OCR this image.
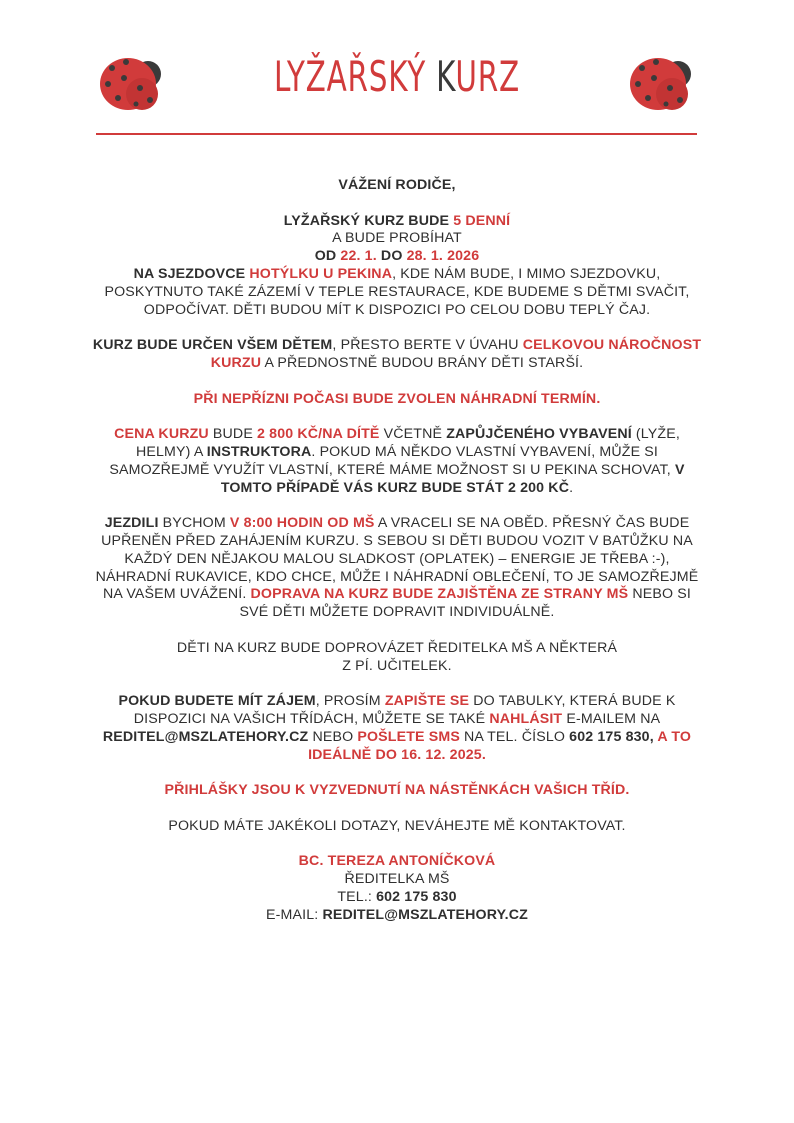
LYŽAŘSKÝ KURZ

VÁŽENÍ RODIČE,

LYŽAŘSKÝ KURZ BUDE 5 DENNÍ
A BUDE PROBÍHAT
OD 22. 1. DO 28. 1. 2026
NA SJEZDOVCE HOTÝLKU U PEKINA, KDE NÁM BUDE, I MIMO SJEZDOVKU, POSKYTNUTO TAKÉ ZÁZEMÍ V TEPLE RESTAURACE, KDE BUDEME S DĚTMI SVAČIT, ODPOČÍVAT. DĚTI BUDOU MÍT K DISPOZICI PO CELOU DOBU TEPLÝ ČAJ.

KURZ BUDE URČEN VŠEM DĚTEM, PŘESTO BERTE V ÚVAHU CELKOVOU NÁROČNOST KURZU A PŘEDNOSTNĚ BUDOU BRÁNY DĚTI STARŠÍ.

PŘI NEPŘÍZNI POČASI BUDE ZVOLEN NÁHRADNÍ TERMÍN.

CENA KURZU BUDE 2 800 KČ/NA DÍTĚ VČETNĚ ZAPŮJČENÉHO VYBAVENÍ (LYŽE, HELMY) A INSTRUKTORA. POKUD MÁ NĚKDO VLASTNÍ VYBAVENÍ, MŮŽE SI SAMOZŘEJMĚ VYUŽÍT VLASTNÍ, KTERÉ MÁME MOŽNOST SI U PEKINA SCHOVAT, V TOMTO PŘÍPADĚ VÁS KURZ BUDE STÁT 2 200 KČ.

JEZDILI BYCHOM V 8:00 HODIN OD MŠ A VRACELI SE NA OBĚD. PŘESNÝ ČAS BUDE UPŘENĚN PŘED ZAHÁJENÍM KURZU. S SEBOU SI DĚTI BUDOU VOZIT V BATŮŽKU NA KAŽDÝ DEN NĚJAKOU MALOU SLADKOST (OPLATEK) – ENERGIE JE TŘEBA :-), NÁHRADNÍ RUKAVICE, KDO CHCE, MŮŽE I NÁHRADNÍ OBLEČENÍ, TO JE SAMOZŘEJMĚ NA VAŠEM UVÁŽENÍ. DOPRAVA NA KURZ BUDE ZAJIŠTĚNA ZE STRANY MŠ NEBO SI SVÉ DĚTI MŮŽETE DOPRAVIT INDIVIDUÁLNĚ.

DĚTI NA KURZ BUDE DOPROVÁZET ŘEDITELKA MŠ A NĚKTERÁ
Z PÍ. UČITELEK.

POKUD BUDETE MÍT ZÁJEM, PROSÍM ZAPIŠTE SE DO TABULKY, KTERÁ BUDE K DISPOZICI NA VAŠICH TŘÍDÁCH, MŮŽETE SE TAKÉ NAHLÁSIT E-MAILEM NA REDITEL@MSZLATEHORY.CZ NEBO POŠLETE SMS NA TEL. ČÍSLO 602 175 830, A TO IDEÁLNĚ DO 16. 12. 2025.

PŘIHLÁŠKY JSOU K VYZVEDNUTÍ NA NÁSTĚNKÁCH VAŠICH TŘÍD.

POKUD MÁTE JAKÉKOLI DOTAZY, NEVÁHEJTE MĚ KONTAKTOVAT.

BC. TEREZA ANTONÍČKOVÁ
ŘEDITELKA MŠ
TEL.: 602 175 830
E-MAIL: REDITEL@MSZLATEHORY.CZ
